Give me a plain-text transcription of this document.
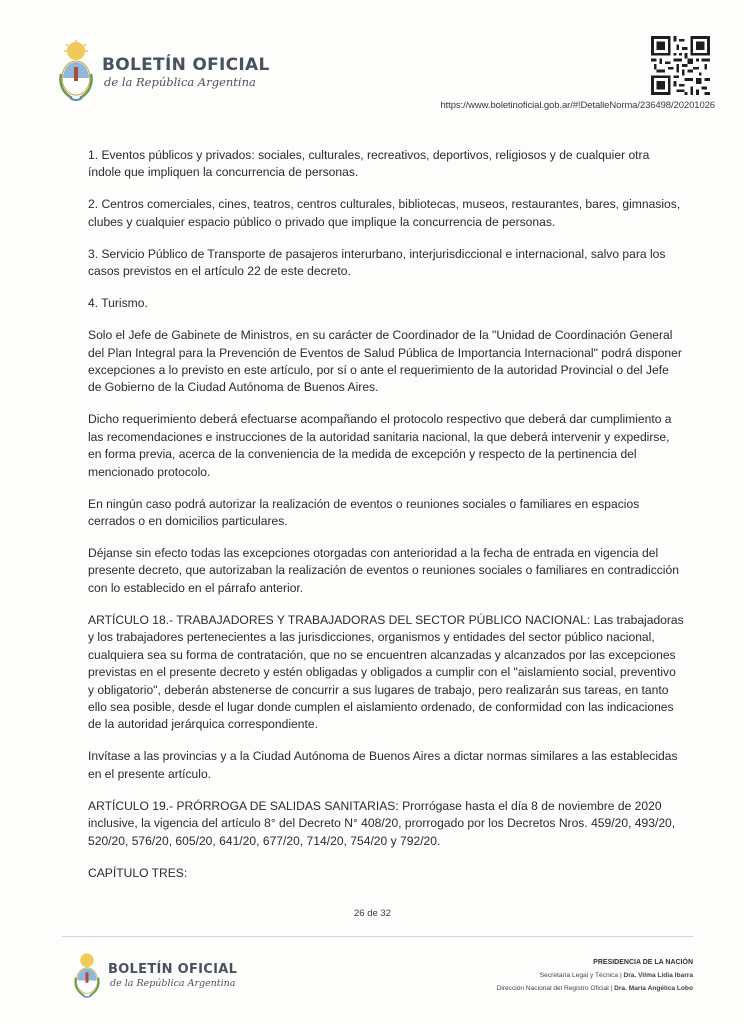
BOLETÍN OFICIAL
de la República Argentina
https://www.boletinoficial.gob.ar/#!DetalleNorma/236498/20201026

1. Eventos públicos y privados: sociales, culturales, recreativos, deportivos, religiosos y de cualquier otra índole que impliquen la concurrencia de personas.

2. Centros comerciales, cines, teatros, centros culturales, bibliotecas, museos, restaurantes, bares, gimnasios, clubes y cualquier espacio público o privado que implique la concurrencia de personas.

3. Servicio Público de Transporte de pasajeros interurbano, interjurisdiccional e internacional, salvo para los casos previstos en el artículo 22 de este decreto.

4. Turismo.

Solo el Jefe de Gabinete de Ministros, en su carácter de Coordinador de la "Unidad de Coordinación General del Plan Integral para la Prevención de Eventos de Salud Pública de Importancia Internacional" podrá disponer excepciones a lo previsto en este artículo, por sí o ante el requerimiento de la autoridad Provincial o del Jefe de Gobierno de la Ciudad Autónoma de Buenos Aires.

Dicho requerimiento deberá efectuarse acompañando el protocolo respectivo que deberá dar cumplimiento a las recomendaciones e instrucciones de la autoridad sanitaria nacional, la que deberá intervenir y expedirse, en forma previa, acerca de la conveniencia de la medida de excepción y respecto de la pertinencia del mencionado protocolo.

En ningún caso podrá autorizar la realización de eventos o reuniones sociales o familiares en espacios cerrados o en domicilios particulares.

Déjanse sin efecto todas las excepciones otorgadas con anterioridad a la fecha de entrada en vigencia del presente decreto, que autorizaban la realización de eventos o reuniones sociales o familiares en contradicción con lo establecido en el párrafo anterior.

ARTÍCULO 18.- TRABAJADORES Y TRABAJADORAS DEL SECTOR PÚBLICO NACIONAL: Las trabajadoras y los trabajadores pertenecientes a las jurisdicciones, organismos y entidades del sector público nacional, cualquiera sea su forma de contratación, que no se encuentren alcanzadas y alcanzados por las excepciones previstas en el presente decreto y estén obligadas y obligados a cumplir con el "aislamiento social, preventivo y obligatorio", deberán abstenerse de concurrir a sus lugares de trabajo, pero realizarán sus tareas, en tanto ello sea posible, desde el lugar donde cumplen el aislamiento ordenado, de conformidad con las indicaciones de la autoridad jerárquica correspondiente.

Invítase a las provincias y a la Ciudad Autónoma de Buenos Aires a dictar normas similares a las establecidas en el presente artículo.

ARTÍCULO 19.- PRÓRROGA DE SALIDAS SANITARIAS: Prorrógase hasta el día 8 de noviembre de 2020 inclusive, la vigencia del artículo 8° del Decreto N° 408/20, prorrogado por los Decretos Nros. 459/20, 493/20, 520/20, 576/20, 605/20, 641/20, 677/20, 714/20, 754/20 y 792/20.

CAPÍTULO TRES:

26 de 32
BOLETÍN OFICIAL
de la República Argentina
PRESIDENCIA DE LA NACIÓN
Secretaría Legal y Técnica | Dra. Vilma Lidia Ibarra
Dirección Nacional del Registro Oficial | Dra. María Angélica Lobo
